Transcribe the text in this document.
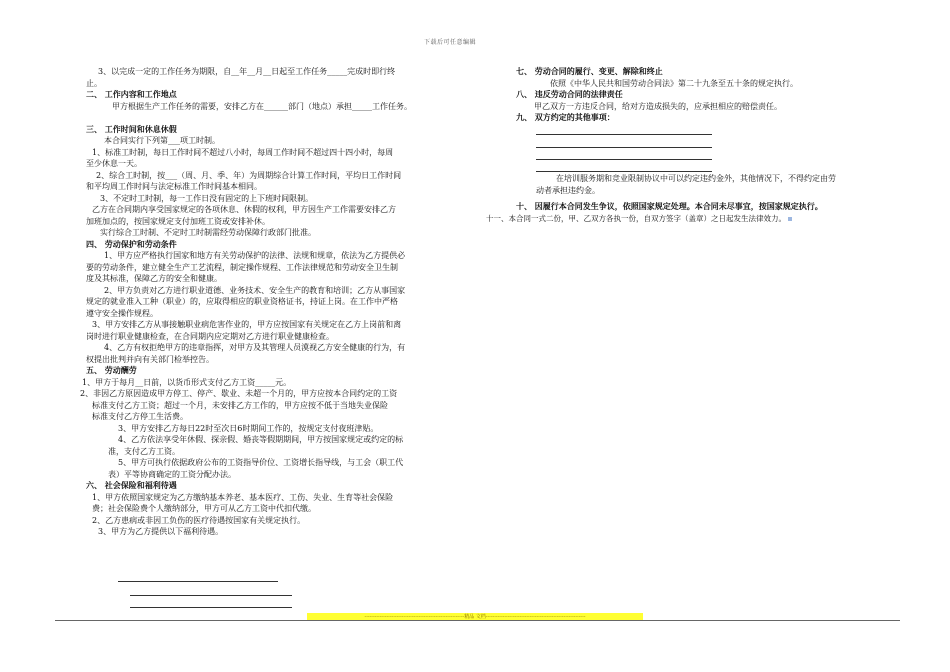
下载后可任意编辑
3、以完成一定的工作任务为期限，自__年__月__日起至工作任务_____完成时即行终
止。
二、 工作内容和工作地点
甲方根据生产工作任务的需要，安排乙方在______部门（地点）承担_____工作任务。
三、 工作时间和休息休假
本合同实行下列第___项工时制。
1、标准工时制，每日工作时间不超过八小时，每周工作时间不超过四十四小时，每周
至少休息一天。
2、综合工时制，按___（周、月、季、年）为周期综合计算工作时间，平均日工作时间
和平均周工作时间与法定标准工作时间基本相同。
3、不定时工时制，每一工作日没有固定的上下班时间限制。
乙方在合同期内享受国家规定的各项休息、休假的权利，甲方因生产工作需要安排乙方
加班加点的，按国家规定支付加班工资或安排补休。
实行综合工时制、不定时工时制需经劳动保障行政部门批准。
四、 劳动保护和劳动条件
1、甲方应严格执行国家和地方有关劳动保护的法律、法规和规章，依法为乙方提供必
要的劳动条件，建立健全生产工艺流程，制定操作规程、工作法律规范和劳动安全卫生制
度及其标准，保障乙方的安全和健康。
2、甲方负责对乙方进行职业道德、业务技术、安全生产的教育和培训；乙方从事国家
规定的就业准入工种（职业）的，应取得相应的职业资格证书，持证上岗。在工作中严格
遵守安全操作规程。
3、甲方安排乙方从事接触职业病危害作业的，甲方应按国家有关规定在乙方上岗前和离
岗时进行职业健康检查，在合同期内应定期对乙方进行职业健康检查。
4、乙方有权拒绝甲方的违章指挥，对甲方及其管理人员漠视乙方安全健康的行为，有
权提出批判并向有关部门检举控告。
五、 劳动酬劳
1、甲方于每月__日前，以货币形式支付乙方工资_____元。
2、非因乙方原因造成甲方停工、停产、歇业、未超一个月的，甲方应按本合同约定的工资
标准支付乙方工资；超过一个月，未安排乙方工作的，甲方应按不低于当地失业保险
标准支付乙方停工生活费。
3、甲方安排乙方每日22时至次日6时期间工作的，按规定支付夜班津贴。
4、乙方依法享受年休假、探亲假、婚丧等假期期间，甲方按国家规定或约定的标
准，支付乙方工资。
5、甲方可执行依据政府公布的工资指导价位、工资增长指导线，与工会（职工代
表）平等协商确定的工资分配办法。
六、 社会保险和福利待遇
1、甲方依照国家规定为乙方缴纳基本养老、基本医疗、工伤、失业、生育等社会保险
费；社会保险费个人缴纳部分，甲方可从乙方工资中代扣代缴。
2、乙方患病或非因工负伤的医疗待遇按国家有关规定执行。
3、甲方为乙方提供以下福利待遇。
七、 劳动合同的履行、变更、解除和终止
依照《中华人民共和国劳动合同法》第二十九条至五十条的规定执行。
八、 违反劳动合同的法律责任
甲乙双方一方违反合同，给对方造成损失的，应承担相应的赔偿责任。
九、 双方约定的其他事项：
在培训服务期和竞业限制协议中可以约定违约金外，其他情况下，不得约定由劳
动者承担违约金。
十、 因履行本合同发生争议，依照国家规定处理。本合同未尽事宜，按国家规定执行。
十一、本合同一式二份，甲、乙双方各执一份，自双方签字（盖章）之日起发生法律效力。
-----------------------------------------------------------精品 文档-----------------------------------------------------------
